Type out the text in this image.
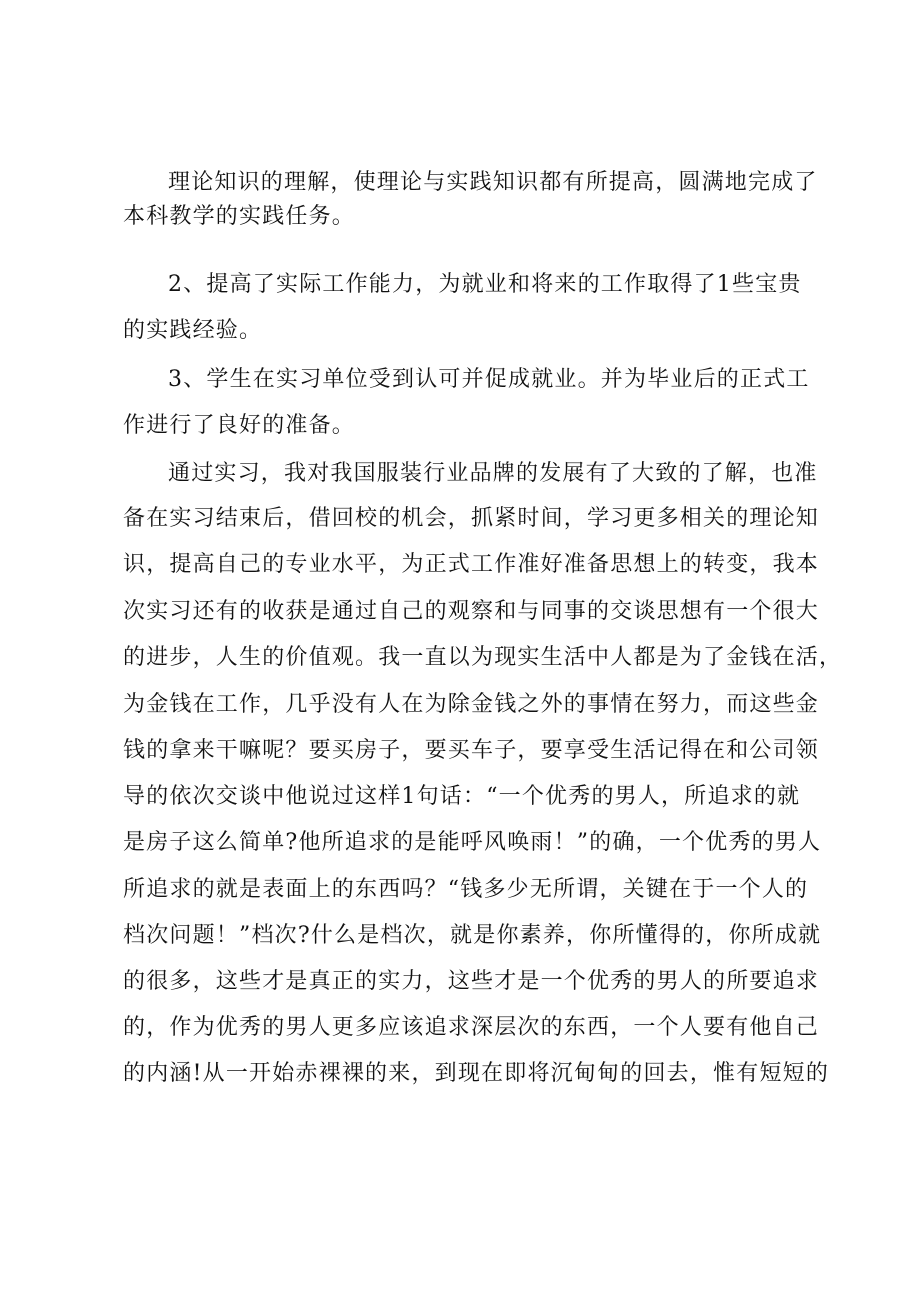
理论知识的理解，使理论与实践知识都有所提高，圆满地完成了
本科教学的实践任务。
2、提高了实际工作能力，为就业和将来的工作取得了1些宝贵
的实践经验。
3、学生在实习单位受到认可并促成就业。并为毕业后的正式工
作进行了良好的准备。
通过实习，我对我国服装行业品牌的发展有了大致的了解，也准
备在实习结束后，借回校的机会，抓紧时间，学习更多相关的理论知
识，提高自己的专业水平，为正式工作准好准备思想上的转变，我本
次实习还有的收获是通过自己的观察和与同事的交谈思想有一个很大
的进步，人生的价值观。我一直以为现实生活中人都是为了金钱在活，
为金钱在工作，几乎没有人在为除金钱之外的事情在努力，而这些金
钱的拿来干嘛呢？要买房子，要买车子，要享受生活记得在和公司领
导的依次交谈中他说过这样1句话：“一个优秀的男人，所追求的就
是房子这么简单?他所追求的是能呼风唤雨！”的确，一个优秀的男人
所追求的就是表面上的东西吗？“钱多少无所谓，关键在于一个人的
档次问题！”档次?什么是档次，就是你素养，你所懂得的，你所成就
的很多，这些才是真正的实力，这些才是一个优秀的男人的所要追求
的，作为优秀的男人更多应该追求深层次的东西，一个人要有他自己
的内涵!从一开始赤裸裸的来，到现在即将沉甸甸的回去，惟有短短的
